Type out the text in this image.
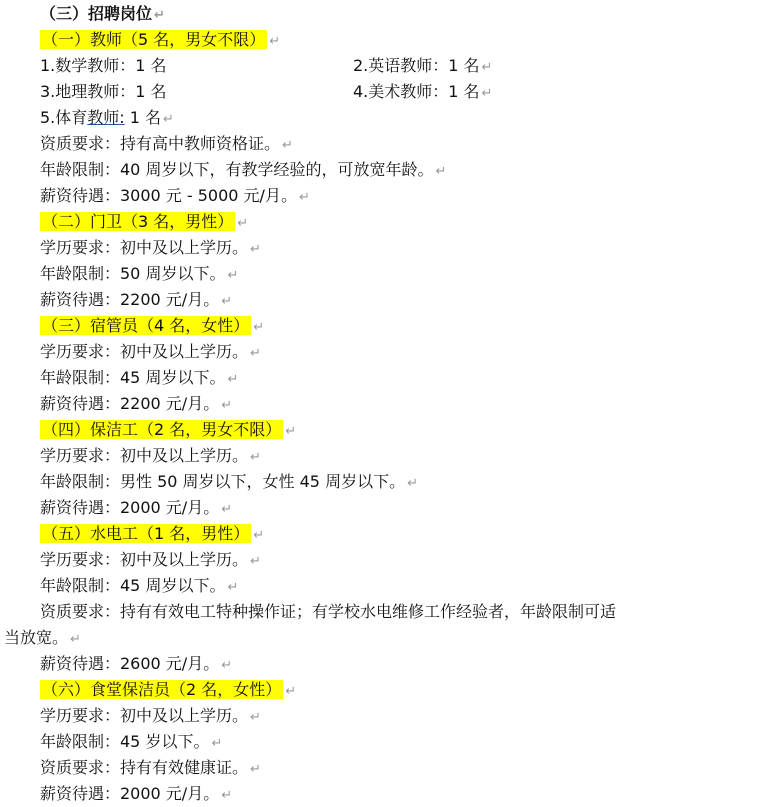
（三）招聘岗位 ↵
（一）教师（5 名，男女不限） ↵
1.数学教师：1 名	2.英语教师：1 名 ↵
3.地理教师：1 名	4.美术教师：1 名 ↵
5.体育教师: 1 名 ↵
资质要求：持有高中教师资格证。 ↵
年龄限制：40 周岁以下，有教学经验的，可放宽年龄。 ↵
薪资待遇：3000 元 - 5000 元/月。 ↵
（二）门卫（3 名，男性） ↵
学历要求：初中及以上学历。 ↵
年龄限制：50 周岁以下。 ↵
薪资待遇：2200 元/月。 ↵
（三）宿管员（4 名，女性） ↵
学历要求：初中及以上学历。 ↵
年龄限制：45 周岁以下。 ↵
薪资待遇：2200 元/月。 ↵
（四）保洁工（2 名，男女不限） ↵
学历要求：初中及以上学历。 ↵
年龄限制：男性 50 周岁以下，女性 45 周岁以下。 ↵
薪资待遇：2000 元/月。 ↵
（五）水电工（1 名，男性） ↵
学历要求：初中及以上学历。 ↵
年龄限制：45 周岁以下。 ↵
资质要求：持有有效电工特种操作证；有学校水电维修工作经验者，年龄限制可适
当放宽。 ↵
薪资待遇：2600 元/月。 ↵
（六）食堂保洁员（2 名，女性） ↵
学历要求：初中及以上学历。 ↵
年龄限制：45 岁以下。 ↵
资质要求：持有有效健康证。 ↵
薪资待遇：2000 元/月。 ↵
